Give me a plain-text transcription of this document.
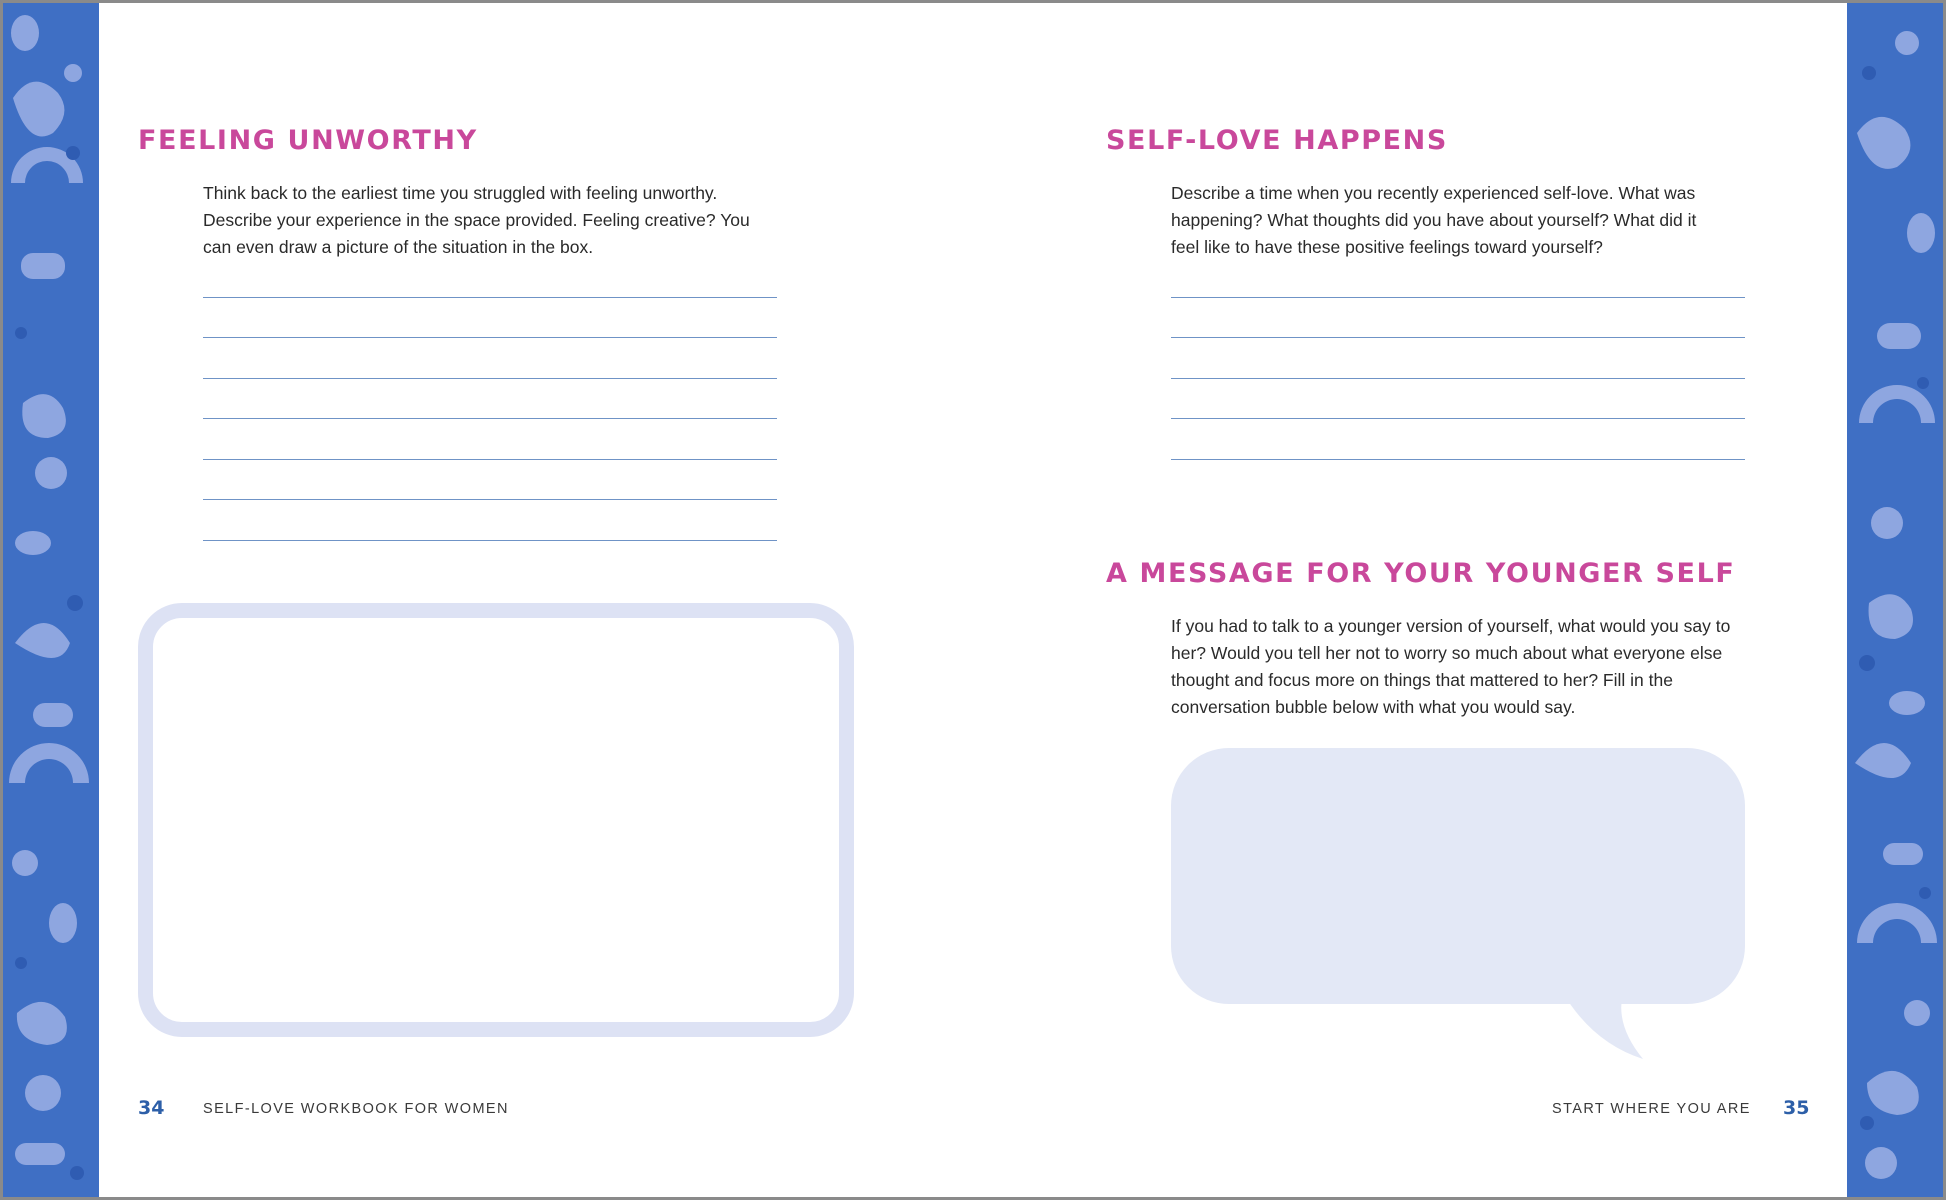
FEELING UNWORTHY
Think back to the earliest time you struggled with feeling unworthy.
Describe your experience in the space provided. Feeling creative? You
can even draw a picture of the situation in the box.
34	SELF-LOVE WORKBOOK FOR WOMEN
SELF-LOVE HAPPENS
Describe a time when you recently experienced self-love. What was
happening? What thoughts did you have about yourself? What did it
feel like to have these positive feelings toward yourself?
A MESSAGE FOR YOUR YOUNGER SELF
If you had to talk to a younger version of yourself, what would you say to
her? Would you tell her not to worry so much about what everyone else
thought and focus more on things that mattered to her? Fill in the
conversation bubble below with what you would say.
START WHERE YOU ARE 35
